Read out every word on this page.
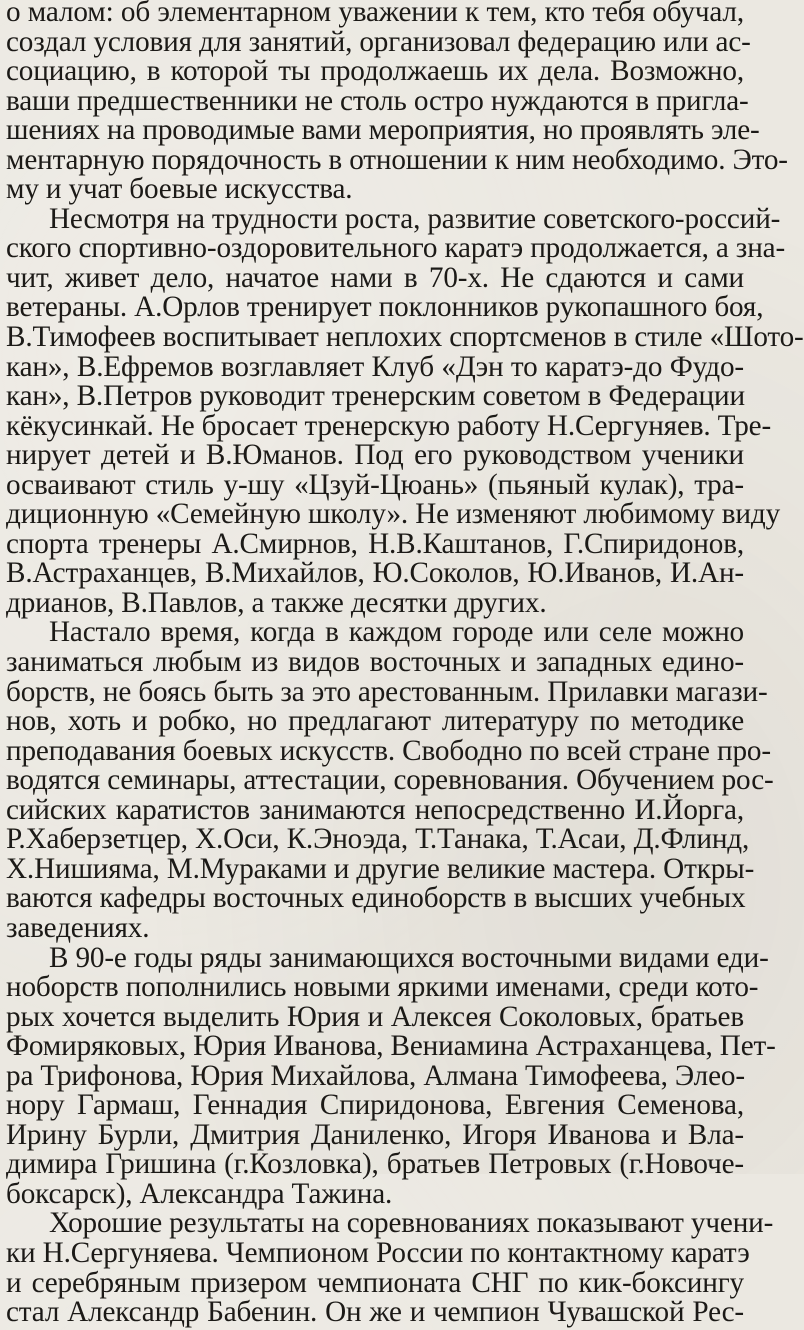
о малом: об элементарном уважении к тем, кто тебя обучал,
создал условия для занятий, организовал федерацию или ас-
социацию, в которой ты продолжаешь их дела. Возможно,
ваши предшественники не столь остро нуждаются в пригла-
шениях на проводимые вами мероприятия, но проявлять эле-
ментарную порядочность в отношении к ним необходимо. Это-
му и учат боевые искусства.
Несмотря на трудности роста, развитие советского-россий-
ского спортивно-оздоровительного каратэ продолжается, а зна-
чит, живет дело, начатое нами в 70-х. Не сдаются и сами
ветераны. А.Орлов тренирует поклонников рукопашного боя,
В.Тимофеев воспитывает неплохих спортсменов в стиле «Шото-
кан», В.Ефремов возглавляет Клуб «Дэн то каратэ-до Фудо-
кан», В.Петров руководит тренерским советом в Федерации
кёкусинкай. Не бросает тренерскую работу Н.Сергуняев. Тре-
нирует детей и В.Юманов. Под его руководством ученики
осваивают стиль у-шу «Цзуй-Цюань» (пьяный кулак), тра-
диционную «Семейную школу». Не изменяют любимому виду
спорта тренеры А.Смирнов, Н.В.Каштанов, Г.Спиридонов,
В.Астраханцев, В.Михайлов, Ю.Соколов, Ю.Иванов, И.Ан-
дрианов, В.Павлов, а также десятки других.
Настало время, когда в каждом городе или селе можно
заниматься любым из видов восточных и западных едино-
борств, не боясь быть за это арестованным. Прилавки магази-
нов, хоть и робко, но предлагают литературу по методике
преподавания боевых искусств. Свободно по всей стране про-
водятся семинары, аттестации, соревнования. Обучением рос-
сийских каратистов занимаются непосредственно И.Йорга,
Р.Хаберзетцер, Х.Оси, К.Эноэда, Т.Танака, Т.Асаи, Д.Флинд,
Х.Нишияма, М.Мураками и другие великие мастера. Откры-
ваются кафедры восточных единоборств в высших учебных
заведениях.
В 90-е годы ряды занимающихся восточными видами еди-
ноборств пополнились новыми яркими именами, среди кото-
рых хочется выделить Юрия и Алексея Соколовых, братьев
Фомиряковых, Юрия Иванова, Вениамина Астраханцева, Пет-
ра Трифонова, Юрия Михайлова, Алмана Тимофеева, Элео-
нору Гармаш, Геннадия Спиридонова, Евгения Семенова,
Ирину Бурли, Дмитрия Даниленко, Игоря Иванова и Вла-
димира Гришина (г.Козловка), братьев Петровых (г.Новоче-
боксарск), Александра Тажина.
Хорошие результаты на соревнованиях показывают учени-
ки Н.Сергуняева. Чемпионом России по контактному каратэ
и серебряным призером чемпионата СНГ по кик-боксингу
стал Александр Бабенин. Он же и чемпион Чувашской Рес-
